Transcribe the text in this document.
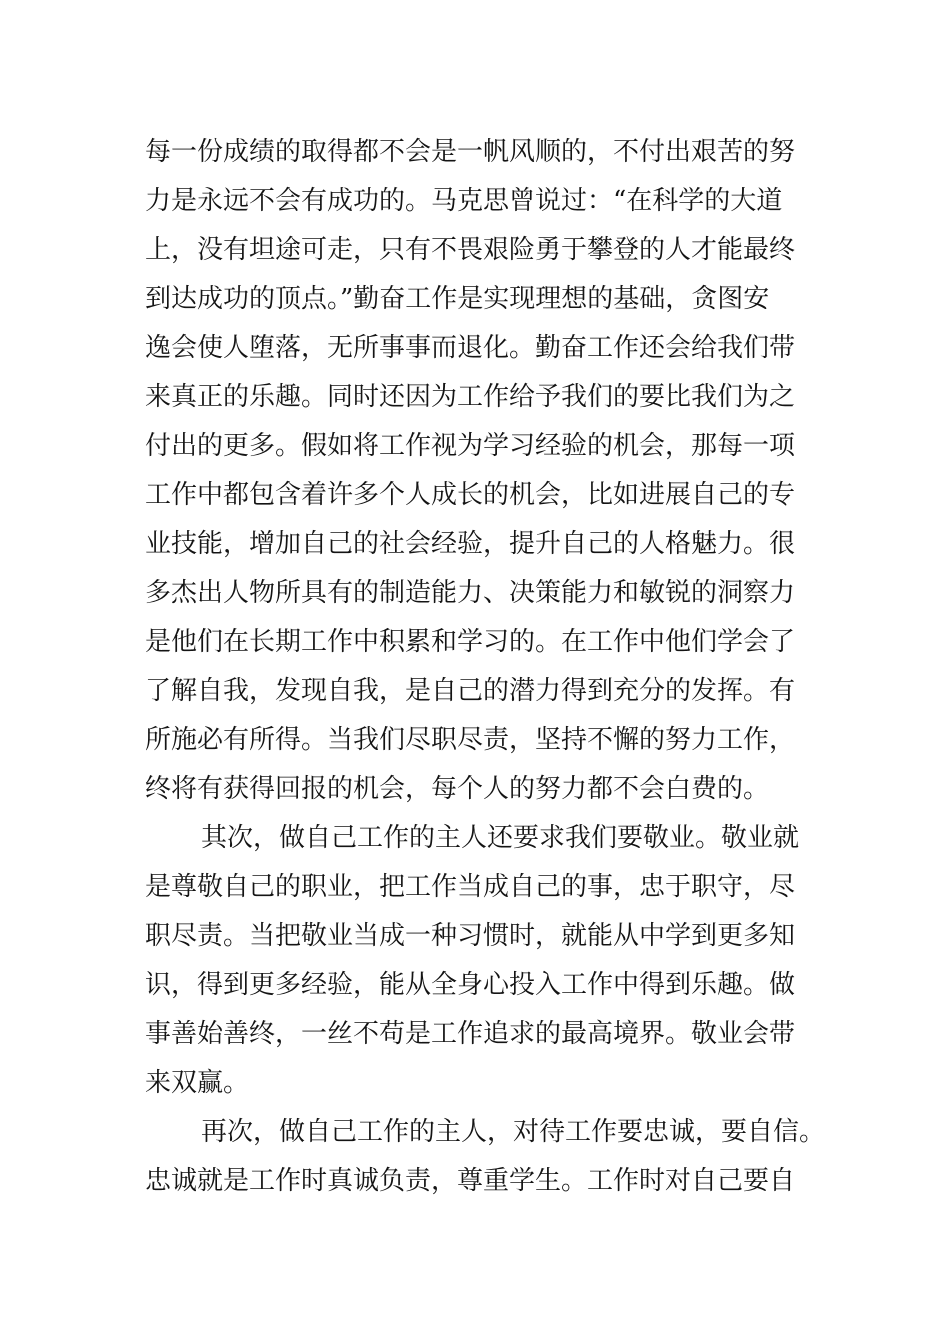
每一份成绩的取得都不会是一帆风顺的，不付出艰苦的努
力是永远不会有成功的。马克思曾说过：“在科学的大道
上，没有坦途可走，只有不畏艰险勇于攀登的人才能最终
到达成功的顶点。”勤奋工作是实现理想的基础，贪图安
逸会使人堕落，无所事事而退化。勤奋工作还会给我们带
来真正的乐趣。同时还因为工作给予我们的要比我们为之
付出的更多。假如将工作视为学习经验的机会，那每一项
工作中都包含着许多个人成长的机会，比如进展自己的专
业技能，增加自己的社会经验，提升自己的人格魅力。很
多杰出人物所具有的制造能力、决策能力和敏锐的洞察力
是他们在长期工作中积累和学习的。在工作中他们学会了
了解自我，发现自我，是自己的潜力得到充分的发挥。有
所施必有所得。当我们尽职尽责，坚持不懈的努力工作，
终将有获得回报的机会，每个人的努力都不会白费的。
其次，做自己工作的主人还要求我们要敬业。敬业就
是尊敬自己的职业，把工作当成自己的事，忠于职守，尽
职尽责。当把敬业当成一种习惯时，就能从中学到更多知
识，得到更多经验，能从全身心投入工作中得到乐趣。做
事善始善终，一丝不苟是工作追求的最高境界。敬业会带
来双赢。
再次，做自己工作的主人，对待工作要忠诚，要自信。
忠诚就是工作时真诚负责，尊重学生。工作时对自己要自
